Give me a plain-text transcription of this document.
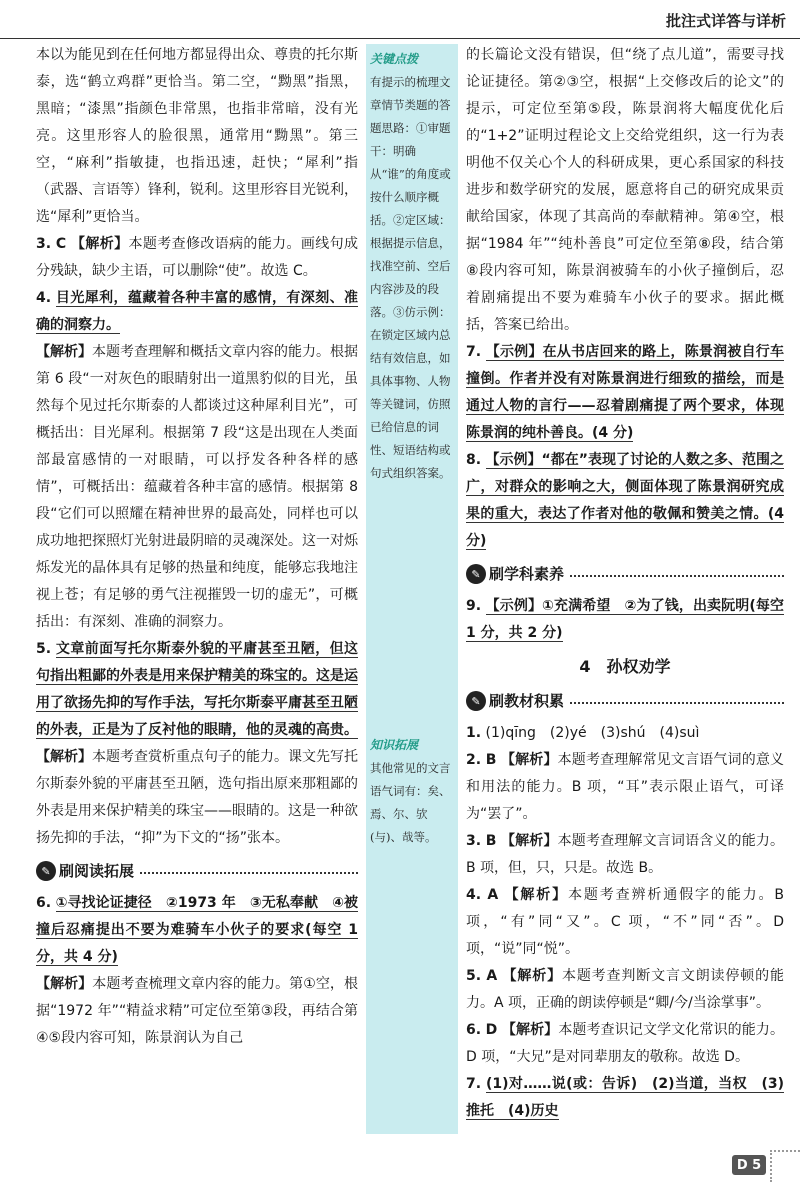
批注式详答与详析

本以为能见到在任何地方都显得出众、尊贵的托尔斯泰，选“鹤立鸡群”更恰当。第二空，“黝黑”指黑，黑暗；“漆黑”指颜色非常黑，也指非常暗，没有光亮。这里形容人的脸很黑，通常用“黝黑”。第三空，“麻利”指敏捷，也指迅速，赶快；“犀利”指（武器、言语等）锋利，锐利。这里形容目光锐利，选“犀利”更恰当。

3. C 【解析】本题考查修改语病的能力。画线句成分残缺，缺少主语，可以删除“使”。故选 C。

4. 目光犀利，蕴藏着各种丰富的感情，有深刻、准确的洞察力。

【解析】本题考查理解和概括文章内容的能力。根据第 6 段“一对灰色的眼睛射出一道黑豹似的目光，虽然每个见过托尔斯泰的人都谈过这种犀利目光”，可概括出：目光犀利。根据第 7 段“这是出现在人类面部最富感情的一对眼睛，可以抒发各种各样的感情”，可概括出：蕴藏着各种丰富的感情。根据第 8 段“它们可以照耀在精神世界的最高处，同样也可以成功地把探照灯光射进最阴暗的灵魂深处。这一对烁烁发光的晶体具有足够的热量和纯度，能够忘我地注视上苍；有足够的勇气注视摧毁一切的虚无”，可概括出：有深刻、准确的洞察力。

5. 文章前面写托尔斯泰外貌的平庸甚至丑陋，但这句指出粗鄙的外表是用来保护精美的珠宝的。这是运用了欲扬先抑的写作手法，写托尔斯泰平庸甚至丑陋的外表，正是为了反衬他的眼睛，他的灵魂的高贵。

【解析】本题考查赏析重点句子的能力。课文先写托尔斯泰外貌的平庸甚至丑陋，选句指出原来那粗鄙的外表是用来保护精美的珠宝——眼睛的。这是一种欲扬先抑的手法，“抑”为下文的“扬”张本。

✎ 刷阅读拓展

6. ①寻找论证捷径　②1973 年　③无私奉献　④被撞后忍痛提出不要为难骑车小伙子的要求(每空 1 分，共 4 分)

【解析】本题考查梳理文章内容的能力。第①空，根据“1972 年”“精益求精”可定位至第③段，再结合第④⑤段内容可知，陈景润认为自己

关键点拨
有提示的梳理文章情节类题的答题思路：①审题干：明确从“谁”的角度或按什么顺序概括。②定区域：根据提示信息，找准空前、空后内容涉及的段落。③仿示例：在锁定区域内总结有效信息，如具体事物、人物等关键词，仿照已给信息的词性、短语结构或句式组织答案。
知识拓展
其他常见的文言语气词有：矣、焉、尔、欤(与)、哉等。

的长篇论文没有错误，但“绕了点儿道”，需要寻找论证捷径。第②③空，根据“上交修改后的论文”的提示，可定位至第⑤段，陈景润将大幅度优化后的“1+2”证明过程论文上交给党组织，这一行为表明他不仅关心个人的科研成果，更心系国家的科技进步和数学研究的发展，愿意将自己的研究成果贡献给国家，体现了其高尚的奉献精神。第④空，根据“1984 年”“纯朴善良”可定位至第⑧段，结合第⑧段内容可知，陈景润被骑车的小伙子撞倒后，忍着剧痛提出不要为难骑车小伙子的要求。据此概括，答案已给出。

7. 【示例】在从书店回来的路上，陈景润被自行车撞倒。作者并没有对陈景润进行细致的描绘，而是通过人物的言行——忍着剧痛提了两个要求，体现陈景润的纯朴善良。(4 分)

8. 【示例】“都在”表现了讨论的人数之多、范围之广，对群众的影响之大，侧面体现了陈景润研究成果的重大，表达了作者对他的敬佩和赞美之情。(4 分)

✎ 刷学科素养

9. 【示例】①充满希望　②为了钱，出卖阮明(每空 1 分，共 2 分)

4　孙权劝学
✎ 刷教材积累

1. (1)qīng　(2)yé　(3)shú　(4)suì

2. B 【解析】本题考查理解常见文言语气词的意义和用法的能力。B 项，“耳”表示限止语气，可译为“罢了”。

3. B 【解析】本题考查理解文言词语含义的能力。B 项，但，只，只是。故选 B。

4. A 【解析】本题考查辨析通假字的能力。B 项，“有”同“又”。C 项，“不”同“否”。D 项，“说”同“悦”。

5. A 【解析】本题考查判断文言文朗读停顿的能力。A 项，正确的朗读停顿是“卿/今/当涂掌事”。

6. D 【解析】本题考查识记文学文化常识的能力。D 项，“大兄”是对同辈朋友的敬称。故选 D。

7. (1)对……说(或：告诉)　(2)当道，当权　(3)推托　(4)历史

D 5
